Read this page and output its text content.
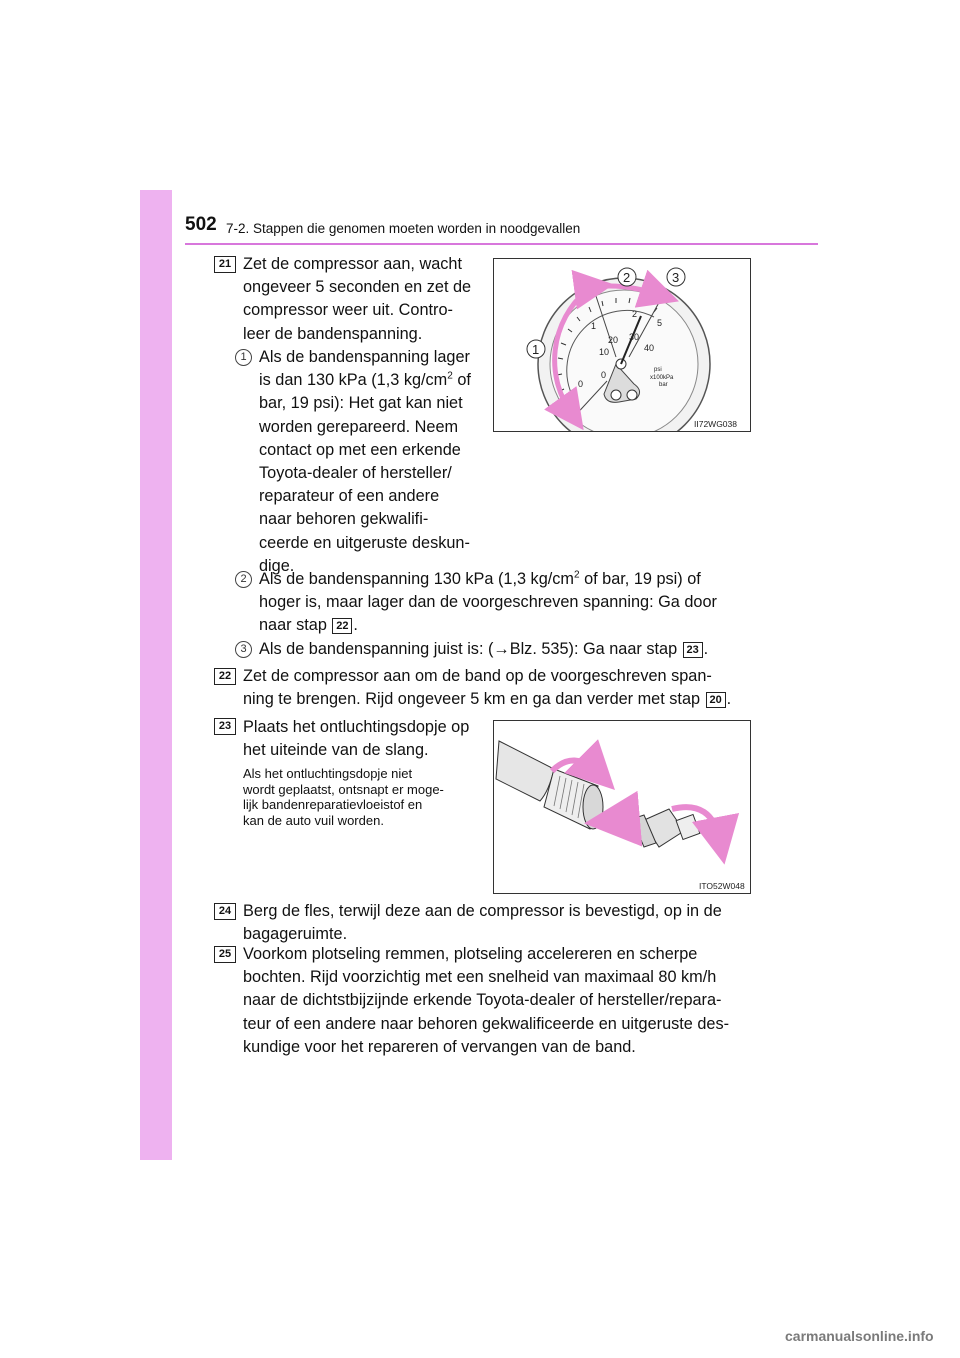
502 7-2. Stappen die genomen moeten worden in noodgevallen
21 Zet de compressor aan, wacht
ongeveer 5 seconden en zet de
compressor weer uit. Contro-
leer de bandenspanning.
1 Als de bandenspanning lager
is dan 130 kPa (1,3 $kg/cm^2$ of
bar, 19 psi): Het gat kan niet
worden gerepareerd. Neem
contact op met een erkende
Toyota-dealer of hersteller/
reparateur of een andere
naar behoren gekwalifi-
ceerde en uitgeruste deskun-
dige.
0
1
2
5
0
10
20 30
40
psi
x100kPa
bar
1
2	3
II72WG038
2 Als de bandenspanning 130 kPa (1,3 $kg/cm^2$ of bar, 19 psi) of
hoger is, maar lager dan de voorgeschreven spanning: Ga door
naar stap 22 .
3 Als de bandenspanning juist is: (→Blz. 535): Ga naar stap 23 .
22 Zet de compressor aan om de band op de voorgeschreven span-
ning te brengen. Rijd ongeveer 5 km en ga dan verder met stap 20 .
23 Plaats het ontluchtingsdopje op
het uiteinde van de slang.
Als het ontluchtingsdopje niet
wordt geplaatst, ontsnapt er moge-
lijk bandenreparatievloeistof en
kan de auto vuil worden.
ITO52W048
24 Berg de fles, terwijl deze aan de compressor is bevestigd, op in de
bagageruimte.
25 Voorkom plotseling remmen, plotseling accelereren en scherpe
bochten. Rijd voorzichtig met een snelheid van maximaal 80 km/h
naar de dichtstbijzijnde erkende Toyota-dealer of hersteller/repara-
teur of een andere naar behoren gekwalificeerde en uitgeruste des-
kundige voor het repareren of vervangen van de band.
carmanualsonline.info
